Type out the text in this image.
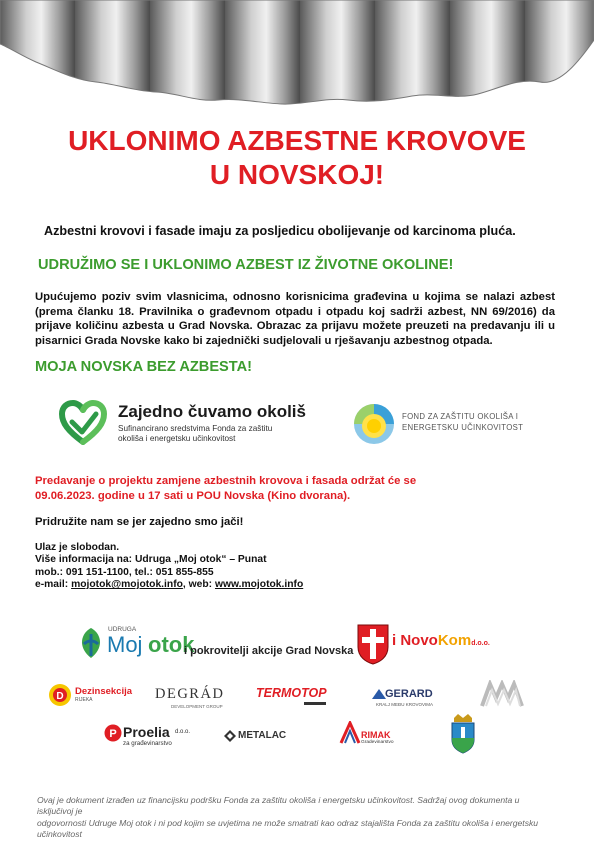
UKLONIMO AZBESTNE KROVOVE
U NOVSKOJ!
Azbestni krovovi i fasade imaju za posljedicu obolijevanje od karcinoma pluća.
UDRUŽIMO SE I UKLONIMO AZBEST IZ ŽIVOTNE OKOLINE!
Upućujemo poziv svim vlasnicima, odnosno korisnicima građevina u kojima se nalazi azbest (prema članku 18. Pravilnika o građevnom otpadu i otpadu koj sadrži azbest, NN 69/2016) da prijave količinu azbesta u Grad Novska. Obrazac za prijavu možete preuzeti na predavanju ili u pisarnici Grada Novske kako bi zajednički sudjelovali u rješavanju azbestnog otpada.
MOJA NOVSKA BEZ AZBESTA!
Zajedno čuvamo okoliš
Sufinancirano sredstvima Fonda za zaštitu
okoliša i energetsku učinkovitost
FOND ZA ZAŠTITU OKOLIŠA I
ENERGETSKU UČINKOVITOST
Predavanje o projektu zamjene azbestnih krovova i fasada održat će se
09.06.2023. godine u 17 sati u POU Novska (Kino dvorana).
Pridružite nam se jer zajedno smo jači!
Ulaz je slobodan.
Više informacija na: Udruga „Moj otok“ – Punat
mob.: 091 151-1100, tel.: 051 855-855
e-mail: mojotok@mojotok.info, web: www.mojotok.info
UDRUGA
Moj otok
i pokrovitelji akcije Grad Novska
i NovoKomd.o.o.
D Dezinsekcija
RIJEKA	DEGRÁD
DEVELOPMENT GROUP
TERMOTOP	GERARD
KRALJ MEĐU KROVOVIMA
P Proelia d.o.o.
za građevinarstvo
METALAC	RIMAK
Gradevinarstvo
Ovaj je dokument izrađen uz financijsku podršku Fonda za zaštitu okoliša i energetsku učinkovitost. Sadržaj ovog dokumenta u isključivoj je
odgovornosti Udruge Moj otok i ni pod kojim se uvjetima ne može smatrati kao odraz stajališta Fonda za zaštitu okoliša i energetsku učinkovitost
